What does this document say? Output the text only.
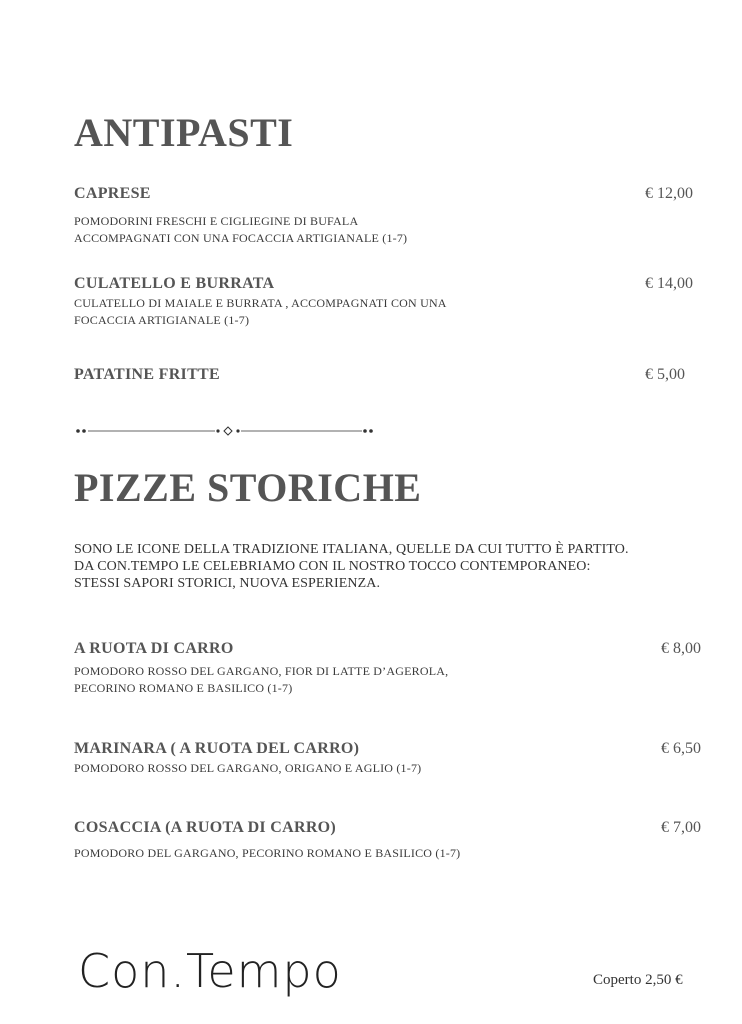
ANTIPASTI
CAPRESE	€ 12,00
POMODORINI FRESCHI E CIGLIEGINE DI BUFALA
ACCOMPAGNATI CON UNA FOCACCIA ARTIGIANALE (1-7)
CULATELLO E BURRATA	€ 14,00
CULATELLO DI MAIALE E BURRATA , ACCOMPAGNATI CON UNA
FOCACCIA ARTIGIANALE (1-7)
PATATINE FRITTE	€ 5,00
PIZZE STORICHE
SONO LE ICONE DELLA TRADIZIONE ITALIANA, QUELLE DA CUI TUTTO È PARTITO.
DA CON.TEMPO LE CELEBRIAMO CON IL NOSTRO TOCCO CONTEMPORANEO:
STESSI SAPORI STORICI, NUOVA ESPERIENZA.
A RUOTA DI CARRO	€ 8,00
POMODORO ROSSO DEL GARGANO, FIOR DI LATTE D’AGEROLA,
PECORINO ROMANO E BASILICO (1-7)
MARINARA ( A RUOTA DEL CARRO)	€ 6,50
POMODORO ROSSO DEL GARGANO, ORIGANO E AGLIO (1-7)
COSACCIA (A RUOTA DI CARRO)	€ 7,00
POMODORO DEL GARGANO, PECORINO ROMANO E BASILICO (1-7)
Con.Tempo	Coperto 2,50 €
